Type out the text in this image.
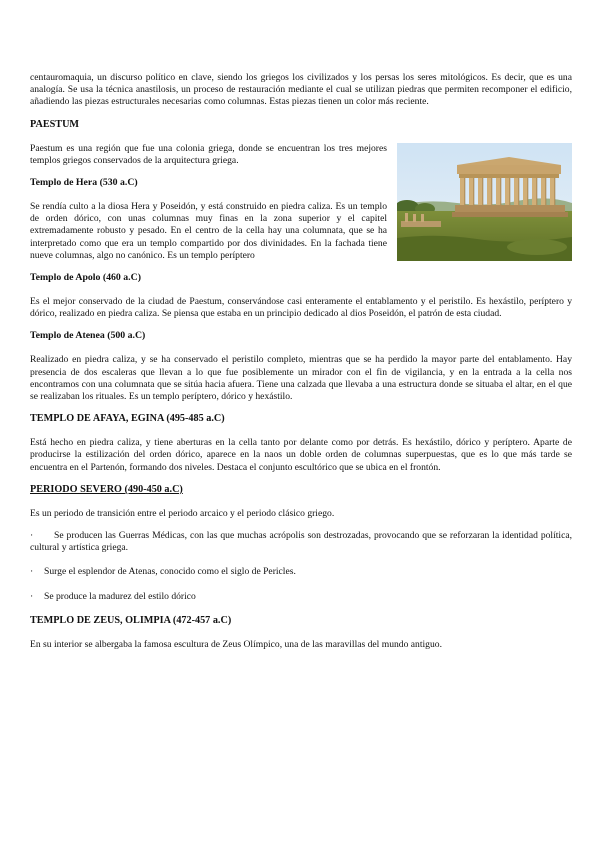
centauromaquia, un discurso político en clave, siendo los griegos los civilizados y los persas los seres mitológicos. Es decir, que es una analogía. Se usa la técnica anastilosis, un proceso de restauración mediante el cual se utilizan piedras que permiten recomponer el edificio, añadiendo las piezas estructurales necesarias como columnas. Estas piezas tienen un color más reciente.

PAESTUM

Paestum es una región que fue una colonia griega, donde se encuentran los tres mejores templos griegos conservados de la arquitectura griega.

Templo de Hera (530 a.C)

Se rendía culto a la diosa Hera y Poseidón, y está construido en piedra caliza. Es un templo de orden dórico, con unas columnas muy finas en la zona superior y el capitel extremadamente robusto y pesado. En el centro de la cella hay una columnata, que se ha interpretado como que era un templo compartido por dos divinidades. En la fachada tiene nueve columnas, algo no canónico. Es un templo períptero

Templo de Apolo (460 a.C)

Es el mejor conservado de la ciudad de Paestum, conservándose casi enteramente el entablamento y el peristilo. Es hexástilo, períptero y dórico, realizado en piedra caliza. Se piensa que estaba en un principio dedicado al dios Poseidón, el patrón de esta ciudad.

Templo de Atenea (500 a.C)

Realizado en piedra caliza, y se ha conservado el peristilo completo, mientras que se ha perdido la mayor parte del entablamento. Hay presencia de dos escaleras que llevan a lo que fue posiblemente un mirador con el fin de vigilancia, y en la entrada a la cella nos encontramos con una columnata que se sitúa hacia afuera. Tiene una calzada que llevaba a una estructura donde se situaba el altar, en el que se realizaban los rituales. Es un templo períptero, dórico y hexástilo.

TEMPLO DE AFAYA, EGINA (495-485 a.C)

Está hecho en piedra caliza, y tiene aberturas en la cella tanto por delante como por detrás. Es hexástilo, dórico y períptero. Aparte de producirse la estilización del orden dórico, aparece en la naos un doble orden de columnas superpuestas, que es lo que más tarde se encuentra en el Partenón, formando dos niveles. Destaca el conjunto escultórico que se ubica en el frontón.

PERIODO SEVERO (490-450 a.C)

Es un periodo de transición entre el periodo arcaico y el periodo clásico griego.

· Se producen las Guerras Médicas, con las que muchas acrópolis son destrozadas, provocando que se reforzaran la identidad política, cultural y artística griega.

· Surge el esplendor de Atenas, conocido como el siglo de Pericles.

· Se produce la madurez del estilo dórico

TEMPLO DE ZEUS, OLIMPIA (472-457 a.C)

En su interior se albergaba la famosa escultura de Zeus Olímpico, una de las maravillas del mundo antiguo.
